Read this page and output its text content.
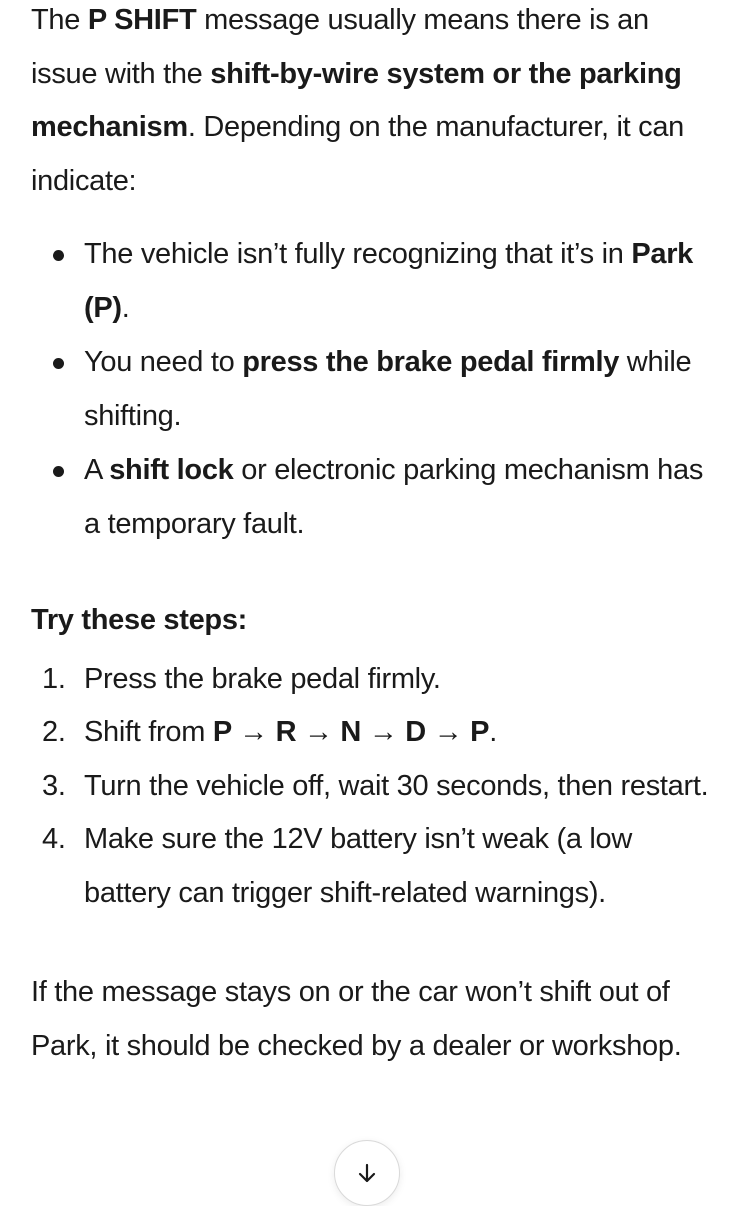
The P SHIFT message usually means there is an issue with the shift-by-wire system or the parking mechanism. Depending on the manufacturer, it can indicate:

The vehicle isn’t fully recognizing that it’s in Park (P).
You need to press the brake pedal firmly while shifting.
A shift lock or electronic parking mechanism has a temporary fault.
Try these steps:
1. Press the brake pedal firmly.
2. Shift from P → R → N → D → P.
3. Turn the vehicle off, wait 30 seconds, then restart.
4. Make sure the 12V battery isn’t weak (a low battery can trigger shift-related warnings).

If the message stays on or the car won’t shift out of Park, it should be checked by a dealer or workshop.
